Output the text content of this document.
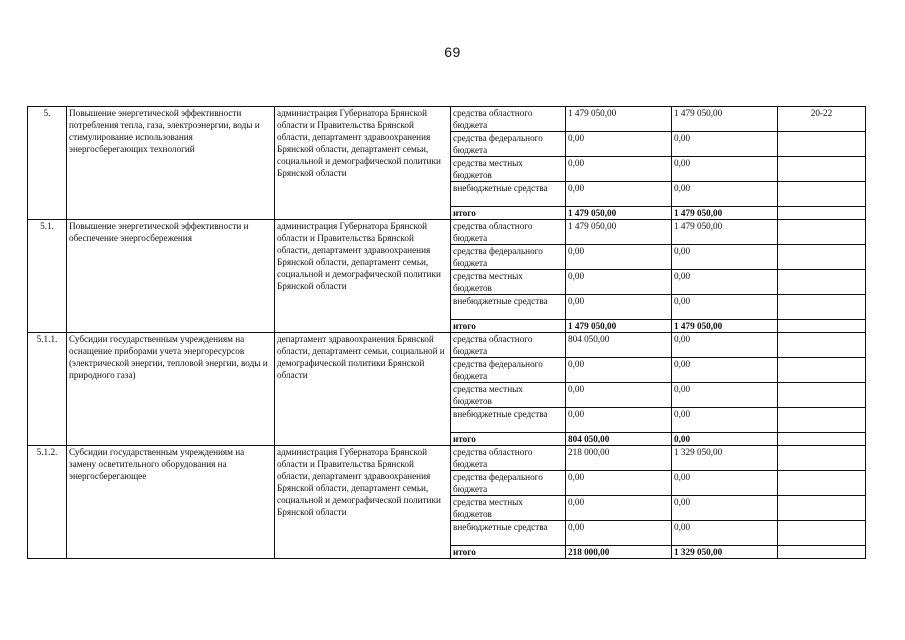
69
5.	Повышение энергетической эффективности потребления тепла, газа, электроэнергии, воды и стимулирование использования энергосберегающих технологий	администрация Губернатора Брянской области и Правительства Брянской области, департамент здравоохранения Брянской области, департамент семьи, социальной и демографической политики Брянской области	средства областного бюджета	1 479 050,00	1 479 050,00	20-22
			средства федерального бюджета	0,00	0,00	
			средства местных бюджетов	0,00	0,00	
			внебюджетные средства	0,00	0,00	
			итого	1 479 050,00	1 479 050,00	
5.1.	Повышение энергетической эффективности и обеспечение энергосбережения	администрация Губернатора Брянской области и Правительства Брянской области, департамент здравоохранения Брянской области, департамент семьи, социальной и демографической политики Брянской области	средства областного бюджета	1 479 050,00	1 479 050,00	
			средства федерального бюджета	0,00	0,00	
			средства местных бюджетов	0,00	0,00	
			внебюджетные средства	0,00	0,00	
			итого	1 479 050,00	1 479 050,00	
5.1.1.	Субсидии государственным учреждениям на оснащение приборами учета энергоресурсов (электрической энергии, тепловой энергии, воды и природного газа)	департамент здравоохранения Брянской области, департамент семьи, социальной и демографической политики Брянской области	средства областного бюджета	804 050,00	0,00	
			средства федерального бюджета	0,00	0,00	
			средства местных бюджетов	0,00	0,00	
			внебюджетные средства	0,00	0,00	
			итого	804 050,00	0,00	
5.1.2.	Субсидии государственным учреждениям на замену осветительного оборудования на энергосберегающее	администрация Губернатора Брянской области и Правительства Брянской области, департамент здравоохранения Брянской области, департамент семьи, социальной и демографической политики Брянской области	средства областного бюджета	218 000,00	1 329 050,00	
			средства федерального бюджета	0,00	0,00	
			средства местных бюджетов	0,00	0,00	
			внебюджетные средства	0,00	0,00	
			итого	218 000,00	1 329 050,00	
